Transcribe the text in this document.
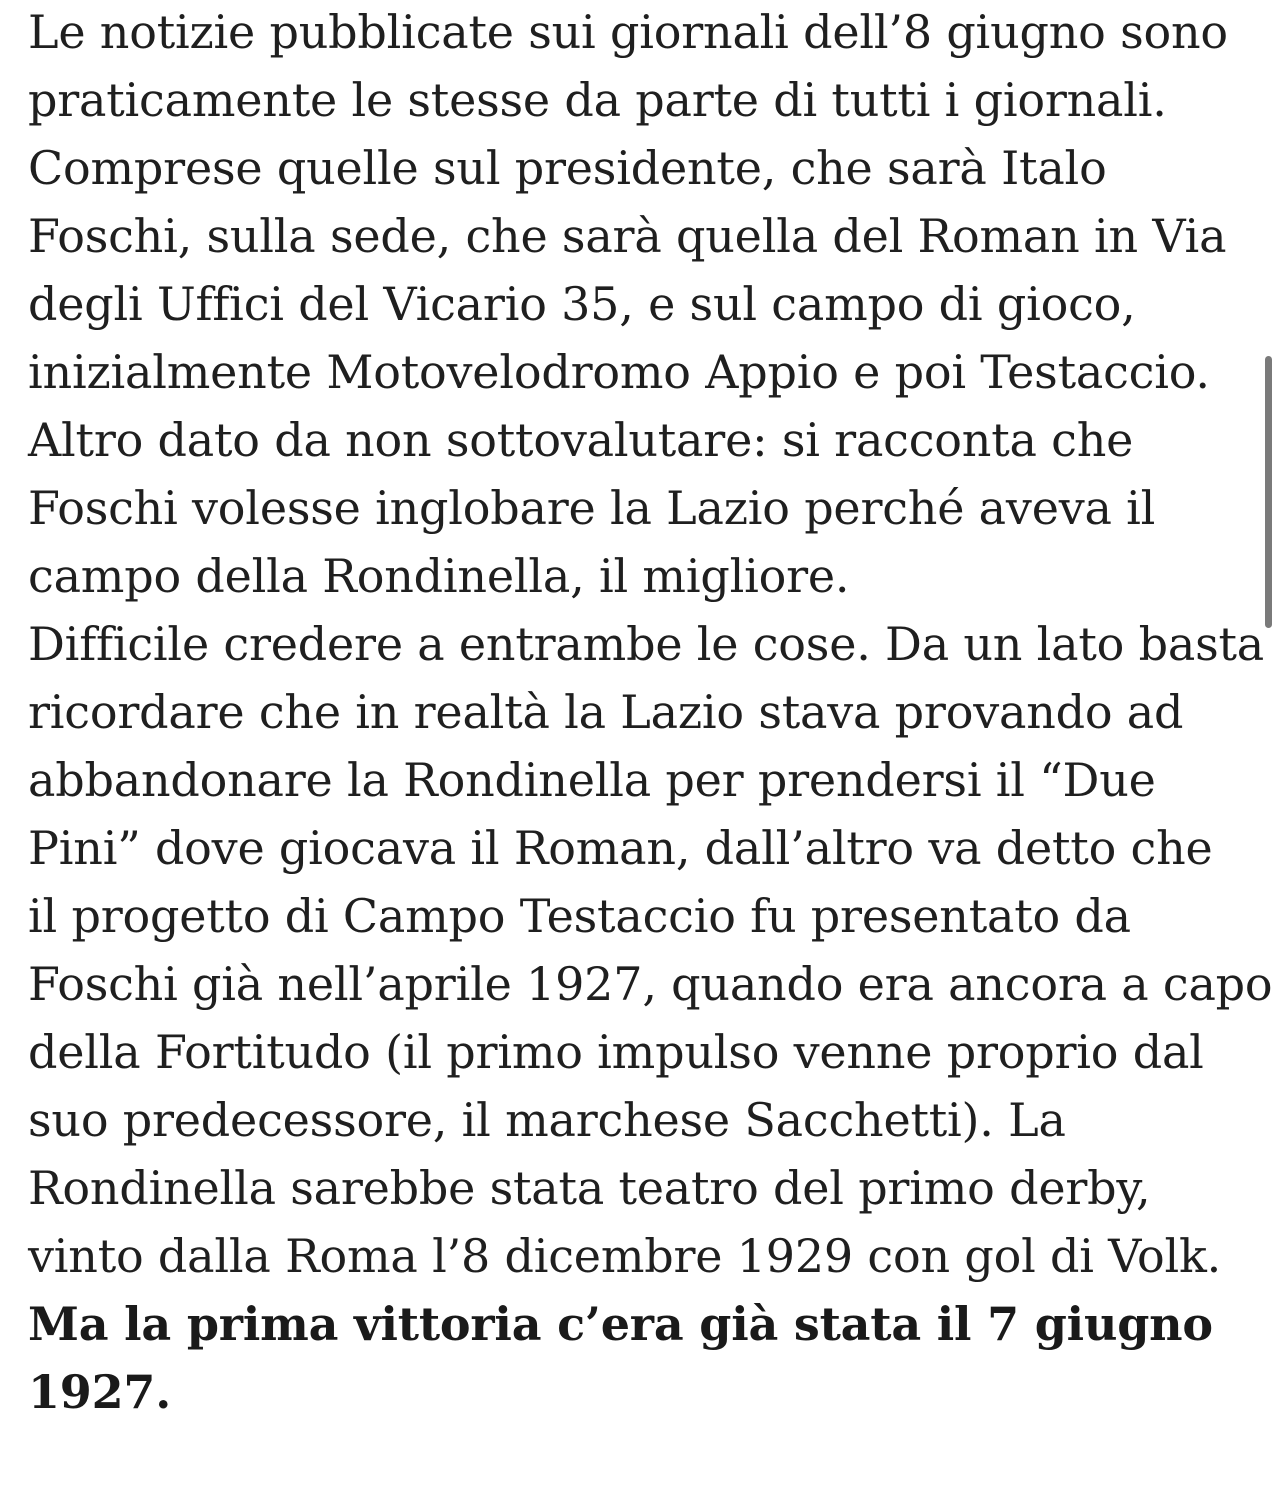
Le notizie pubblicate sui giornali dell’8 giugno sono
praticamente le stesse da parte di tutti i giornali.
Comprese quelle sul presidente, che sarà Italo
Foschi, sulla sede, che sarà quella del Roman in Via
degli Uffici del Vicario 35, e sul campo di gioco,
inizialmente Motovelodromo Appio e poi Testaccio.
Altro dato da non sottovalutare: si racconta che
Foschi volesse inglobare la Lazio perché aveva il
campo della Rondinella, il migliore.
Difficile credere a entrambe le cose. Da un lato basta
ricordare che in realtà la Lazio stava provando ad
abbandonare la Rondinella per prendersi il “Due
Pini” dove giocava il Roman, dall’altro va detto che
il progetto di Campo Testaccio fu presentato da
Foschi già nell’aprile 1927, quando era ancora a capo
della Fortitudo (il primo impulso venne proprio dal
suo predecessore, il marchese Sacchetti). La
Rondinella sarebbe stata teatro del primo derby,
vinto dalla Roma l’8 dicembre 1929 con gol di Volk.
Ma la prima vittoria c’era già stata il 7 giugno
1927.
